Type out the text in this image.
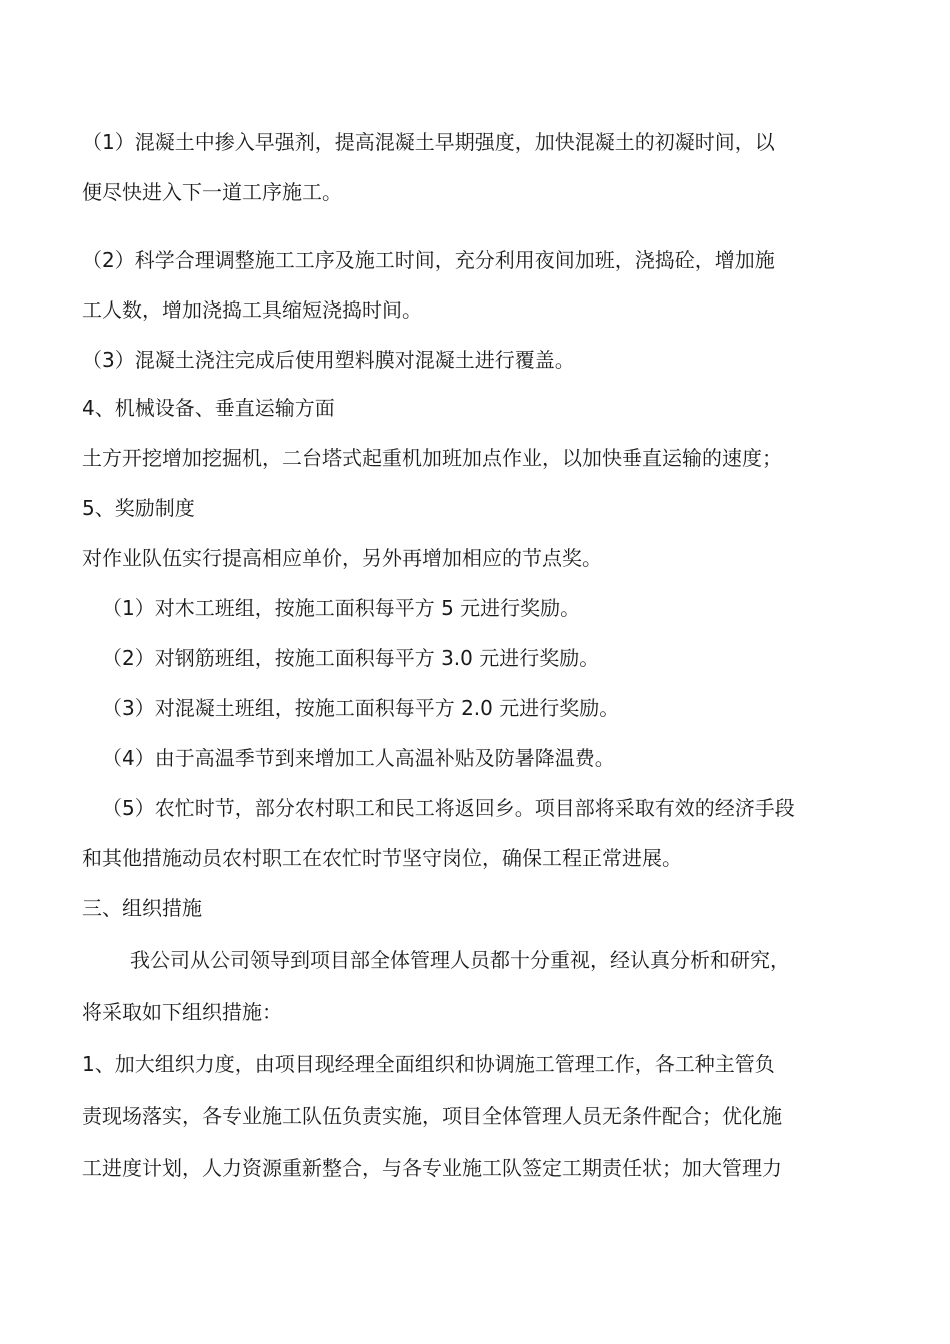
（1）混凝土中掺入早强剂，提高混凝土早期强度，加快混凝土的初凝时间，以
便尽快进入下一道工序施工。
（2）科学合理调整施工工序及施工时间，充分利用夜间加班，浇捣砼，增加施
工人数，增加浇捣工具缩短浇捣时间。
（3）混凝土浇注完成后使用塑料膜对混凝土进行覆盖。
4、机械设备、垂直运输方面
土方开挖增加挖掘机，二台塔式起重机加班加点作业，以加快垂直运输的速度；
5、奖励制度
对作业队伍实行提高相应单价，另外再增加相应的节点奖。
（1）对木工班组，按施工面积每平方 5 元进行奖励。
（2）对钢筋班组，按施工面积每平方 3.0 元进行奖励。
（3）对混凝土班组，按施工面积每平方 2.0 元进行奖励。
（4）由于高温季节到来增加工人高温补贴及防暑降温费。
（5）农忙时节，部分农村职工和民工将返回乡。项目部将采取有效的经济手段
和其他措施动员农村职工在农忙时节坚守岗位，确保工程正常进展。
三、组织措施
我公司从公司领导到项目部全体管理人员都十分重视，经认真分析和研究，
将采取如下组织措施：
1、加大组织力度，由项目现经理全面组织和协调施工管理工作，各工种主管负
责现场落实，各专业施工队伍负责实施，项目全体管理人员无条件配合；优化施
工进度计划，人力资源重新整合，与各专业施工队签定工期责任状；加大管理力
